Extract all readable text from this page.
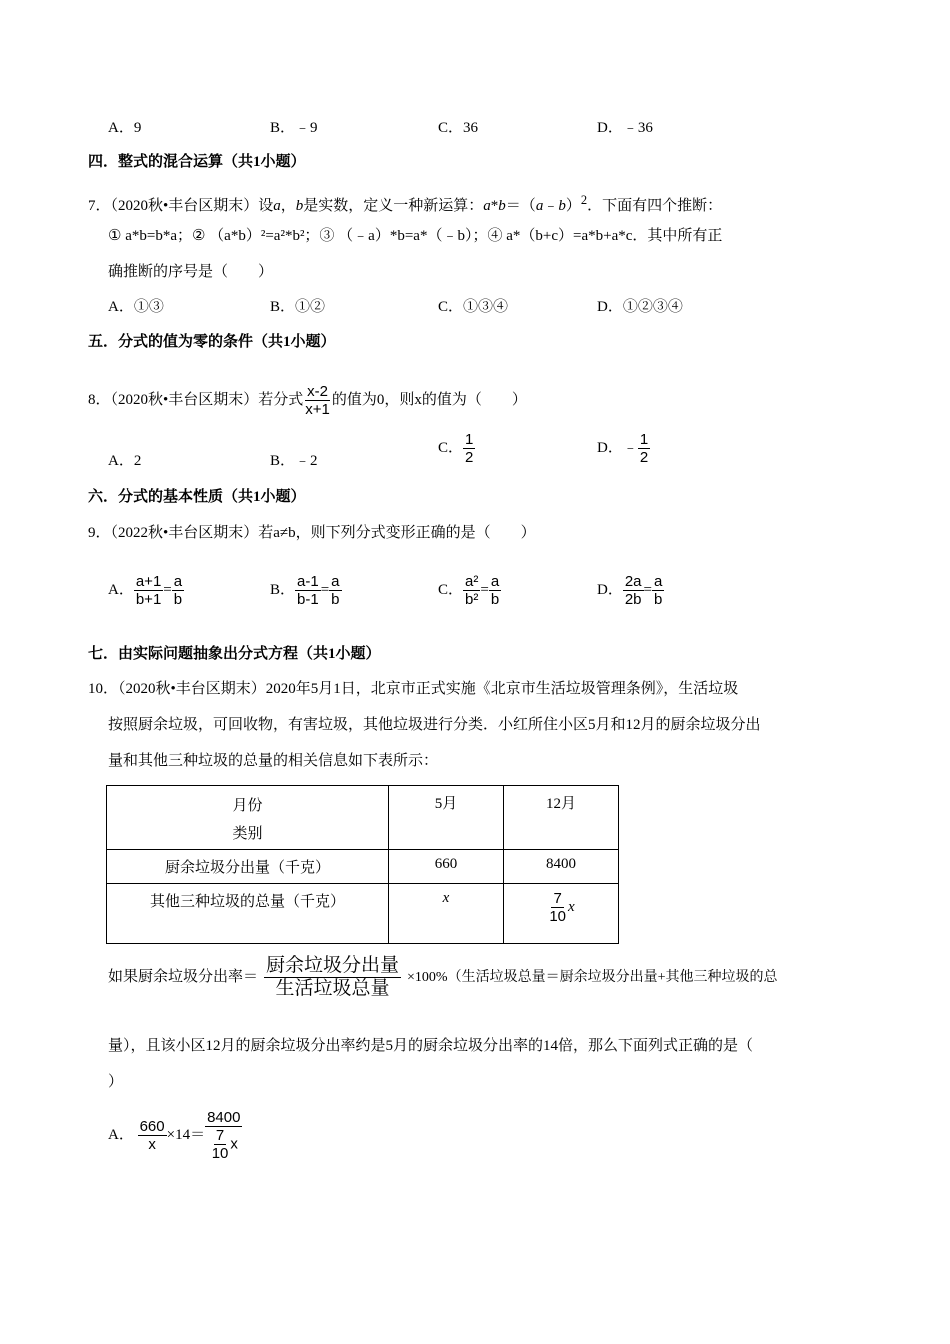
A．9	B．﹣9	C．36	D．﹣36
四．整式的混合运算（共1小题）
7．（2020秋•丰台区期末）设a，b是实数，定义一种新运算：a*b＝（a﹣b）$^2$．下面有四个推断：
① a*b=b*a；② （a*b）²=a²*b²；③ （﹣a）*b=a*（﹣b）；④ a*（b+c）=a*b+a*c．其中所有正
确推断的序号是（　　）
A．①③	B．①②	C．①③④	D．①②③④
五．分式的值为零的条件（共1小题）
8．（2020秋•丰台区期末）若分式 $\frac{x-2}{x+1}$ 的值为0，则x的值为（　　）
A．2	B．﹣2
C． $\frac{1}{2}$	D．﹣ $\frac{1}{2}$
六．分式的基本性质（共1小题）
9．（2022秋•丰台区期末）若a≠b，则下列分式变形正确的是（　　）
A． $\frac{a+1}{b+1} = \frac{a}{b}$	B． $\frac{a-1}{b-1} = \frac{a}{b}$	C． $\frac{\text{a²}}{\text{b²}} = \frac{a}{b}$	D． $\frac{2a}{2b} = \frac{a}{b}$
七．由实际问题抽象出分式方程（共1小题）
10．（2020秋•丰台区期末）2020年5月1日，北京市正式实施《北京市生活垃圾管理条例》，生活垃圾
按照厨余垃圾，可回收物，有害垃圾，其他垃圾进行分类．小红所住小区5月和12月的厨余垃圾分出
量和其他三种垃圾的总量的相关信息如下表所示：
月份
类别	5月	12月
厨余垃圾分出量（千克）	660	8400
其他三种垃圾的总量（千克）	x	$\frac{7}{10}$ x
如果厨余垃圾分出率＝
厨余垃圾分出量
生活垃圾总量
×100%（生活垃圾总量＝厨余垃圾分出量+其他三种垃圾的总
量），且该小区12月的厨余垃圾分出率约是5月的厨余垃圾分出率的14倍，那么下面列式正确的是（
）
A． $\frac{660}{x} \times 14= \frac{8400}{\frac{7}{10} x}$
